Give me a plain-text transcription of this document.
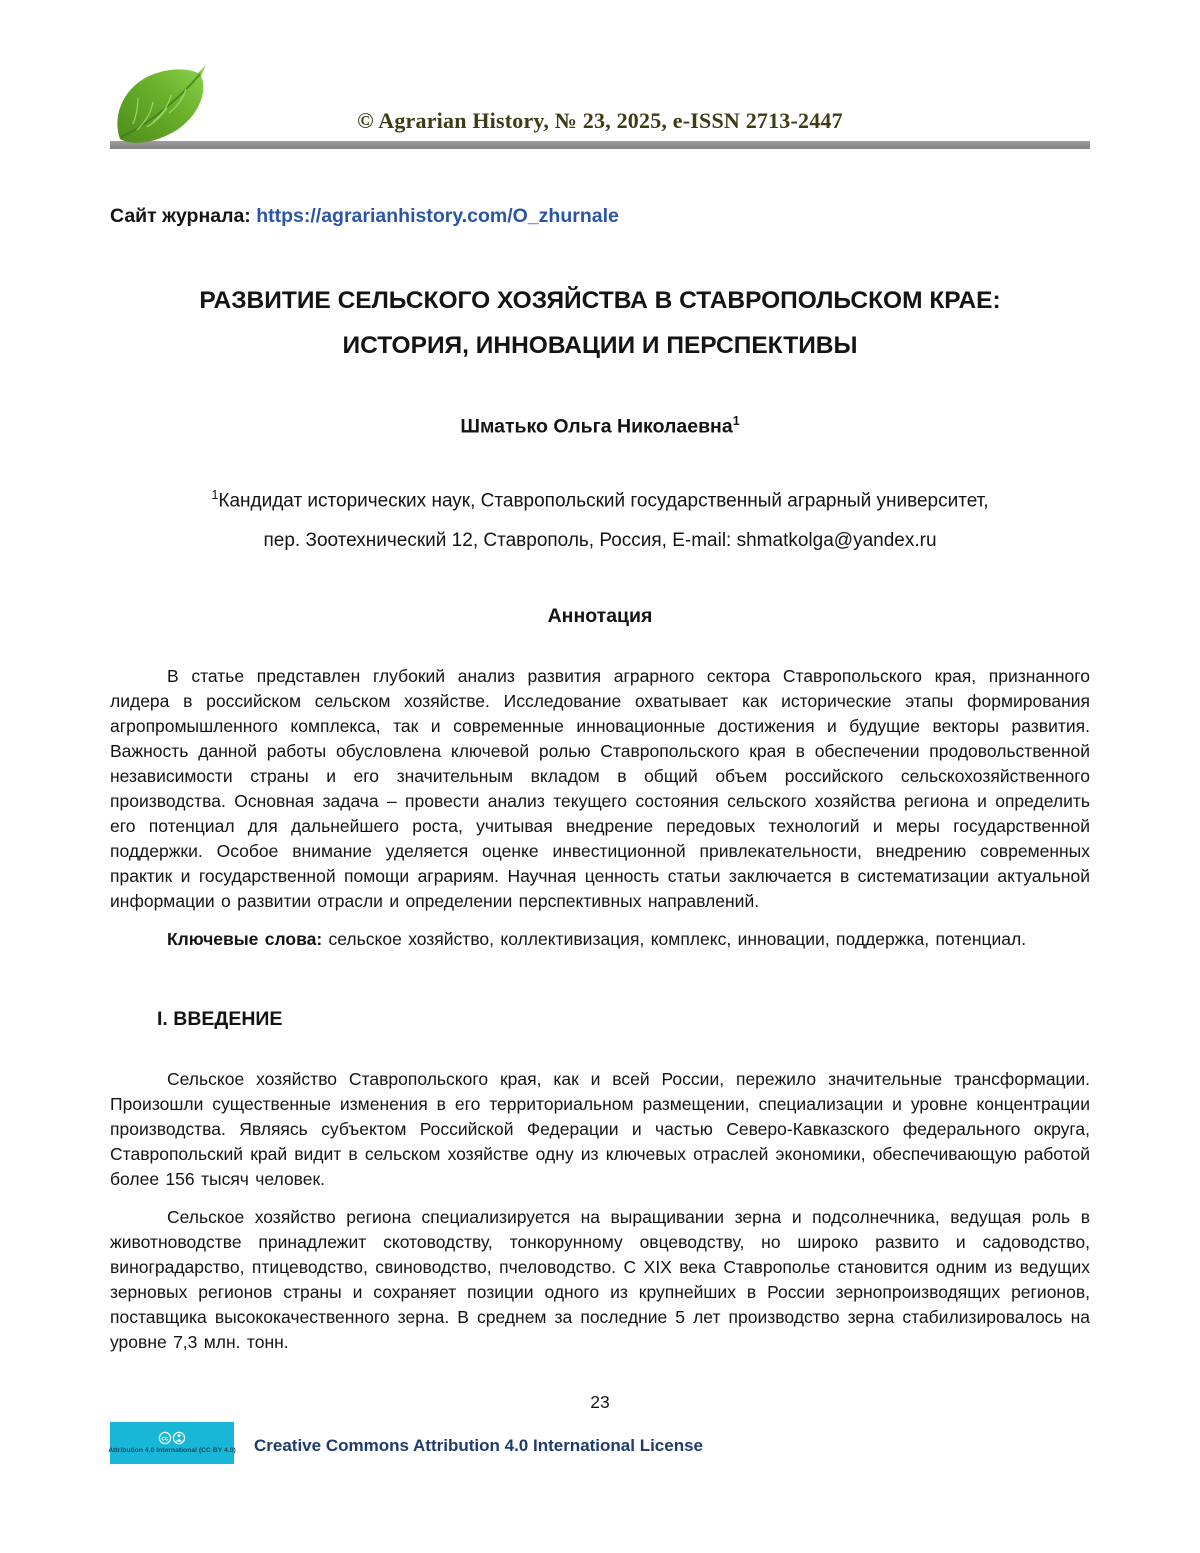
© Agrarian History, № 23, 2025, e-ISSN 2713-2447
Сайт журнала: https://agrarianhistory.com/O_zhurnale
РАЗВИТИЕ СЕЛЬСКОГО ХОЗЯЙСТВА В СТАВРОПОЛЬСКОМ КРАЕ:
ИСТОРИЯ, ИННОВАЦИИ И ПЕРСПЕКТИВЫ
Шматько Ольга Николаевна$^1$
$^1$Кандидат исторических наук, Ставропольский государственный аграрный университет,
пер. Зоотехнический 12, Ставрополь, Россия, E-mail: shmatkolga@yandex.ru
Аннотация

В статье представлен глубокий анализ развития аграрного сектора Ставропольского края, признанного лидера в российском сельском хозяйстве. Исследование охватывает как исторические этапы формирования агропромышленного комплекса, так и современные инновационные достижения и будущие векторы развития. Важность данной работы обусловлена ключевой ролью Ставропольского края в обеспечении продовольственной независимости страны и его значительным вкладом в общий объем российского сельскохозяйственного производства. Основная задача – провести анализ текущего состояния сельского хозяйства региона и определить его потенциал для дальнейшего роста, учитывая внедрение передовых технологий и меры государственной поддержки. Особое внимание уделяется оценке инвестиционной привлекательности, внедрению современных практик и государственной помощи аграриям. Научная ценность статьи заключается в систематизации актуальной информации о развитии отрасли и определении перспективных направлений.

Ключевые слова: сельское хозяйство, коллективизация, комплекс, инновации, поддержка, потенциал.

I. ВВЕДЕНИЕ

Сельское хозяйство Ставропольского края, как и всей России, пережило значительные трансформации. Произошли существенные изменения в его территориальном размещении, специализации и уровне концентрации производства. Являясь субъектом Российской Федерации и частью Северо-Кавказского федерального округа, Ставропольский край видит в сельском хозяйстве одну из ключевых отраслей экономики, обеспечивающую работой более 156 тысяч человек.

Сельское хозяйство региона специализируется на выращивании зерна и подсолнечника, ведущая роль в животноводстве принадлежит скотоводству, тонкорунному овцеводству, но широко развито и садоводство, виноградарство, птицеводство, свиноводство, пчеловодство. С XIX века Ставрополье становится одним из ведущих зерновых регионов страны и сохраняет позиции одного из крупнейших в России зернопроизводящих регионов, поставщика высококачественного зерна. В среднем за последние 5 лет производство зерна стабилизировалось на уровне 7,3 млн. тонн.

23
cc
Attribution 4.0 International (CC BY 4.0) Creative Commons Attribution 4.0 International License
